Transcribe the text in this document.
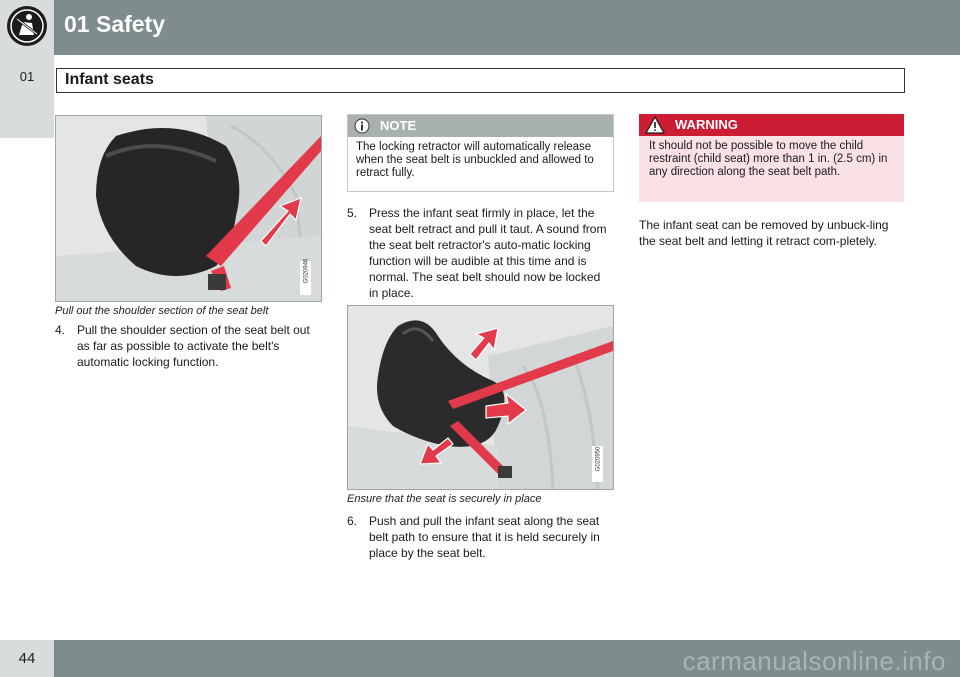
01 Safety
01	Infant seats
G020946
Pull out the shoulder section of the seat belt
4. Pull the shoulder section of the seat belt out as far as possible to activate the belt's automatic locking function.
NOTE
The locking retractor will automatically release when the seat belt is unbuckled and allowed to retract fully.
5. Press the infant seat firmly in place, let the seat belt retract and pull it taut. A sound from the seat belt retractor's auto-matic locking function will be audible at this time and is normal. The seat belt should now be locked in place.
G020950
Ensure that the seat is securely in place
6. Push and pull the infant seat along the seat belt path to ensure that it is held securely in place by the seat belt.
WARNING
It should not be possible to move the child restraint (child seat) more than 1 in. (2.5 cm) in any direction along the seat belt path.
The infant seat can be removed by unbuck-ling the seat belt and letting it retract com-pletely.
44	carmanualsonline.info
